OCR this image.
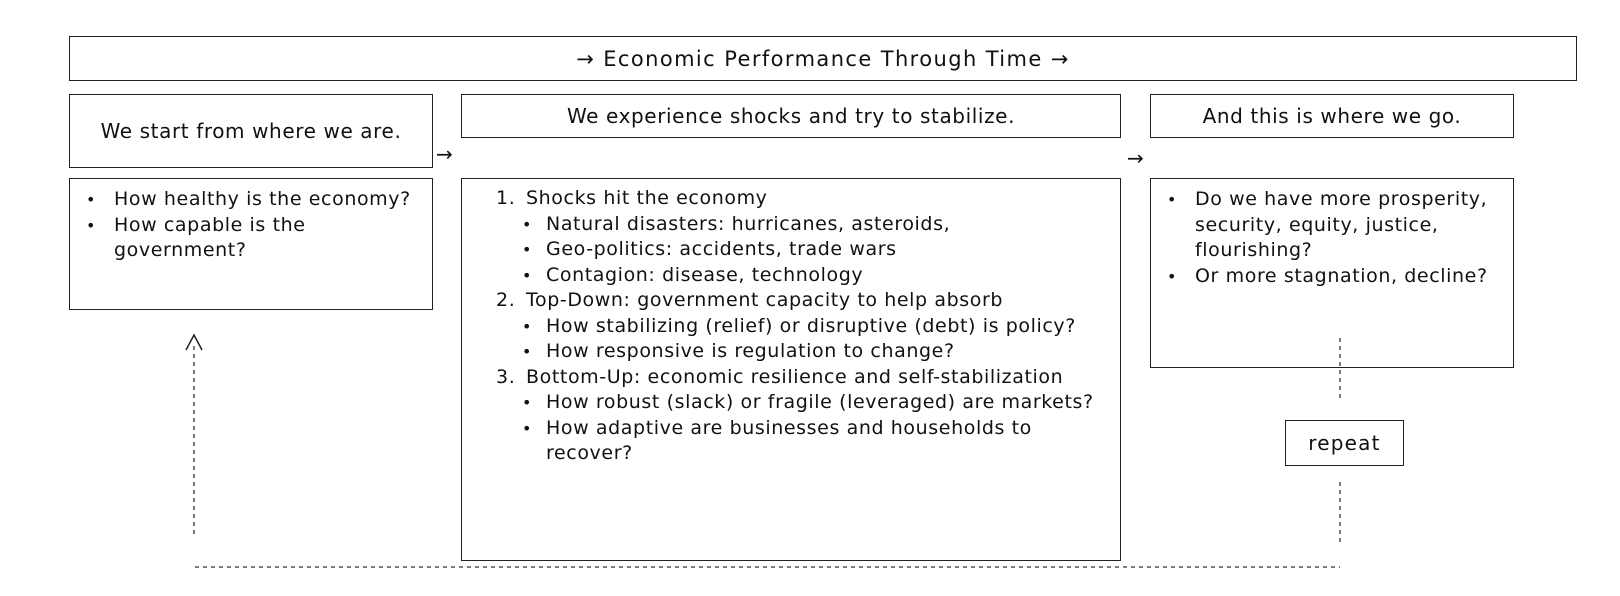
→ Economic Performance Through Time →
We start from where we are.
We experience shocks and try to stabilize.	And this is where we go.
→	→
• How healthy is the economy?
• How capable is the government?
1. Shocks hit the economy
• Natural disasters: hurricanes, asteroids,
• Geo-politics: accidents, trade wars
• Contagion: disease, technology
2. Top-Down: government capacity to help absorb
• How stabilizing (relief) or disruptive (debt) is policy?
• How responsive is regulation to change?
3. Bottom-Up: economic resilience and self-stabilization
• How robust (slack) or fragile (leveraged) are markets?
• How adaptive are businesses and households to recover?
• Do we have more prosperity, security, equity, justice, flourishing?
• Or more stagnation, decline?
repeat
